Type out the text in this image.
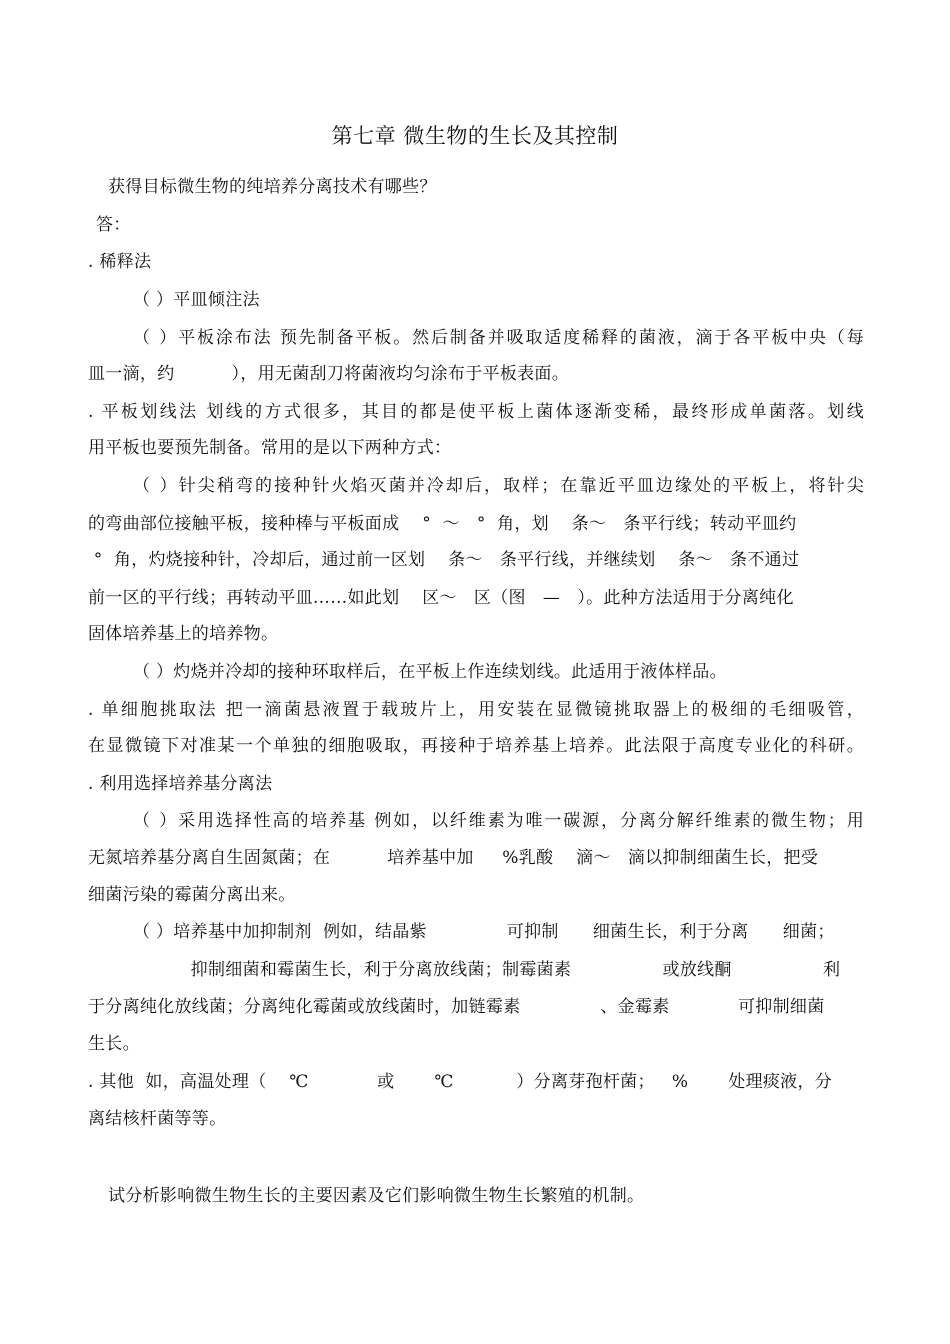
第七章 微生物的生长及其控制
获得目标微生物的纯培养分离技术有哪些？
答：
. 稀释法
（ ）平皿倾注法
（ ）平板涂布法 预先制备平板。然后制备并吸取适度稀释的菌液，滴于各平板中央（每
皿一滴，约          ），用无菌刮刀将菌液均匀涂布于平板表面。
. 平板划线法 划线的方式很多，其目的都是使平板上菌体逐渐变稀，最终形成单菌落。划线
用平板也要预先制备。常用的是以下两种方式：
（ ）针尖稍弯的接种针火焰灭菌并冷却后，取样；在靠近平皿边缘处的平板上，将针尖
的弯曲部位接触平板，接种棒与平板面成    °  ～   °  角，划    条～   条平行线；转动平皿约
°  角，灼烧接种针，冷却后，通过前一区划    条～   条平行线，并继续划    条～   条不通过
前一区的平行线；再转动平皿……如此划    区～   区（图   —   ）。此种方法适用于分离纯化
固体培养基上的培养物。
（ ）灼烧并冷却的接种环取样后，在平板上作连续划线。此适用于液体样品。
. 单细胞挑取法 把一滴菌悬液置于载玻片上，用安装在显微镜挑取器上的极细的毛细吸管，
在显微镜下对准某一个单独的细胞吸取，再接种于培养基上培养。此法限于高度专业化的科研。
. 利用选择培养基分离法
（ ）采用选择性高的培养基 例如，以纤维素为唯一碳源，分离分解纤维素的微生物；用
无氮培养基分离自生固氮菌；在          培养基中加     %乳酸    滴～   滴以抑制细菌生长，把受
细菌污染的霉菌分离出来。
（ ）培养基中加抑制剂  例如，结晶紫              可抑制      细菌生长，利于分离      细菌；
抑制细菌和霉菌生长，利于分离放线菌；制霉菌素                或放线酮                利
于分离纯化放线菌；分离纯化霉菌或放线菌时，加链霉素              、金霉素            可抑制细菌
生长。
. 其他  如，高温处理（    ℃            或       ℃           ）分离芽孢杆菌；   %       处理痰液，分
离结核杆菌等等。
试分析影响微生物生长的主要因素及它们影响微生物生长繁殖的机制。
